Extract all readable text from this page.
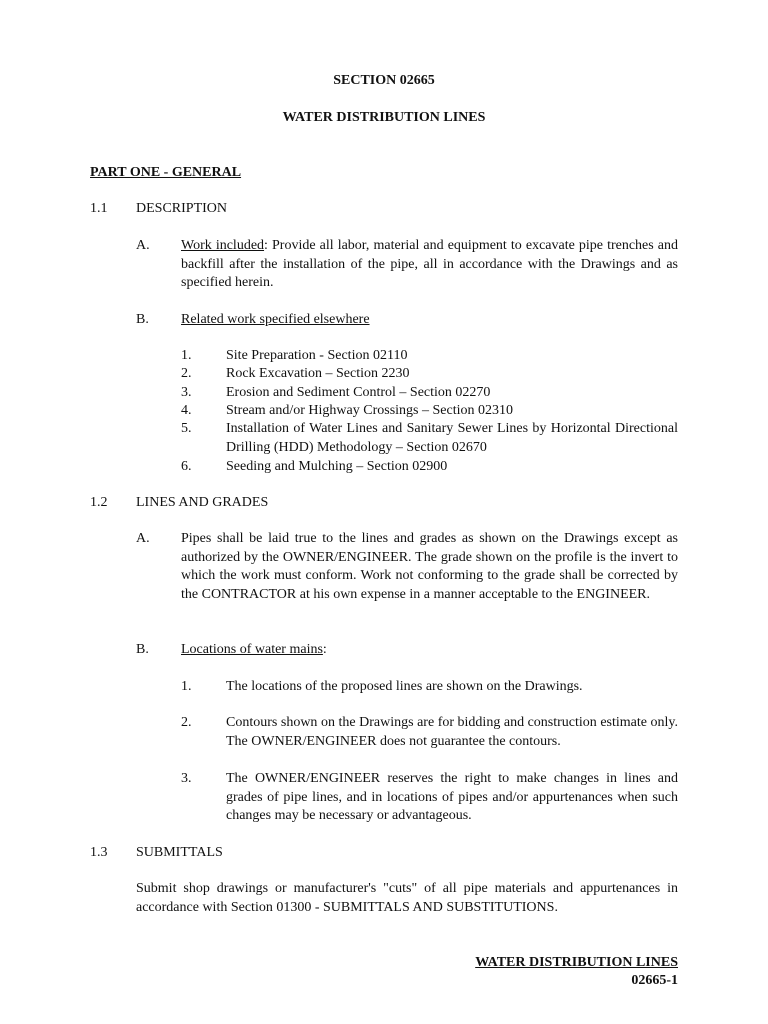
SECTION 02665
WATER DISTRIBUTION LINES
PART ONE - GENERAL
1.1 DESCRIPTION
A. Work included: Provide all labor, material and equipment to excavate pipe trenches and backfill after the installation of the pipe, all in accordance with the Drawings and as specified herein.
B. Related work specified elsewhere
1. Site Preparation - Section 02110
2. Rock Excavation – Section 2230
3. Erosion and Sediment Control – Section 02270
4. Stream and/or Highway Crossings – Section 02310
5. Installation of Water Lines and Sanitary Sewer Lines by Horizontal Directional Drilling (HDD) Methodology – Section 02670
6. Seeding and Mulching – Section 02900
1.2 LINES AND GRADES
A. Pipes shall be laid true to the lines and grades as shown on the Drawings except as authorized by the OWNER/ENGINEER. The grade shown on the profile is the invert to which the work must conform. Work not conforming to the grade shall be corrected by the CONTRACTOR at his own expense in a manner acceptable to the ENGINEER.
B. Locations of water mains:
1. The locations of the proposed lines are shown on the Drawings.
2. Contours shown on the Drawings are for bidding and construction estimate only. The OWNER/ENGINEER does not guarantee the contours.
3. The OWNER/ENGINEER reserves the right to make changes in lines and grades of pipe lines, and in locations of pipes and/or appurtenances when such changes may be necessary or advantageous.
1.3 SUBMITTALS
Submit shop drawings or manufacturer's "cuts" of all pipe materials and appurtenances in accordance with Section 01300 - SUBMITTALS AND SUBSTITUTIONS.
WATER DISTRIBUTION LINES
02665-1
